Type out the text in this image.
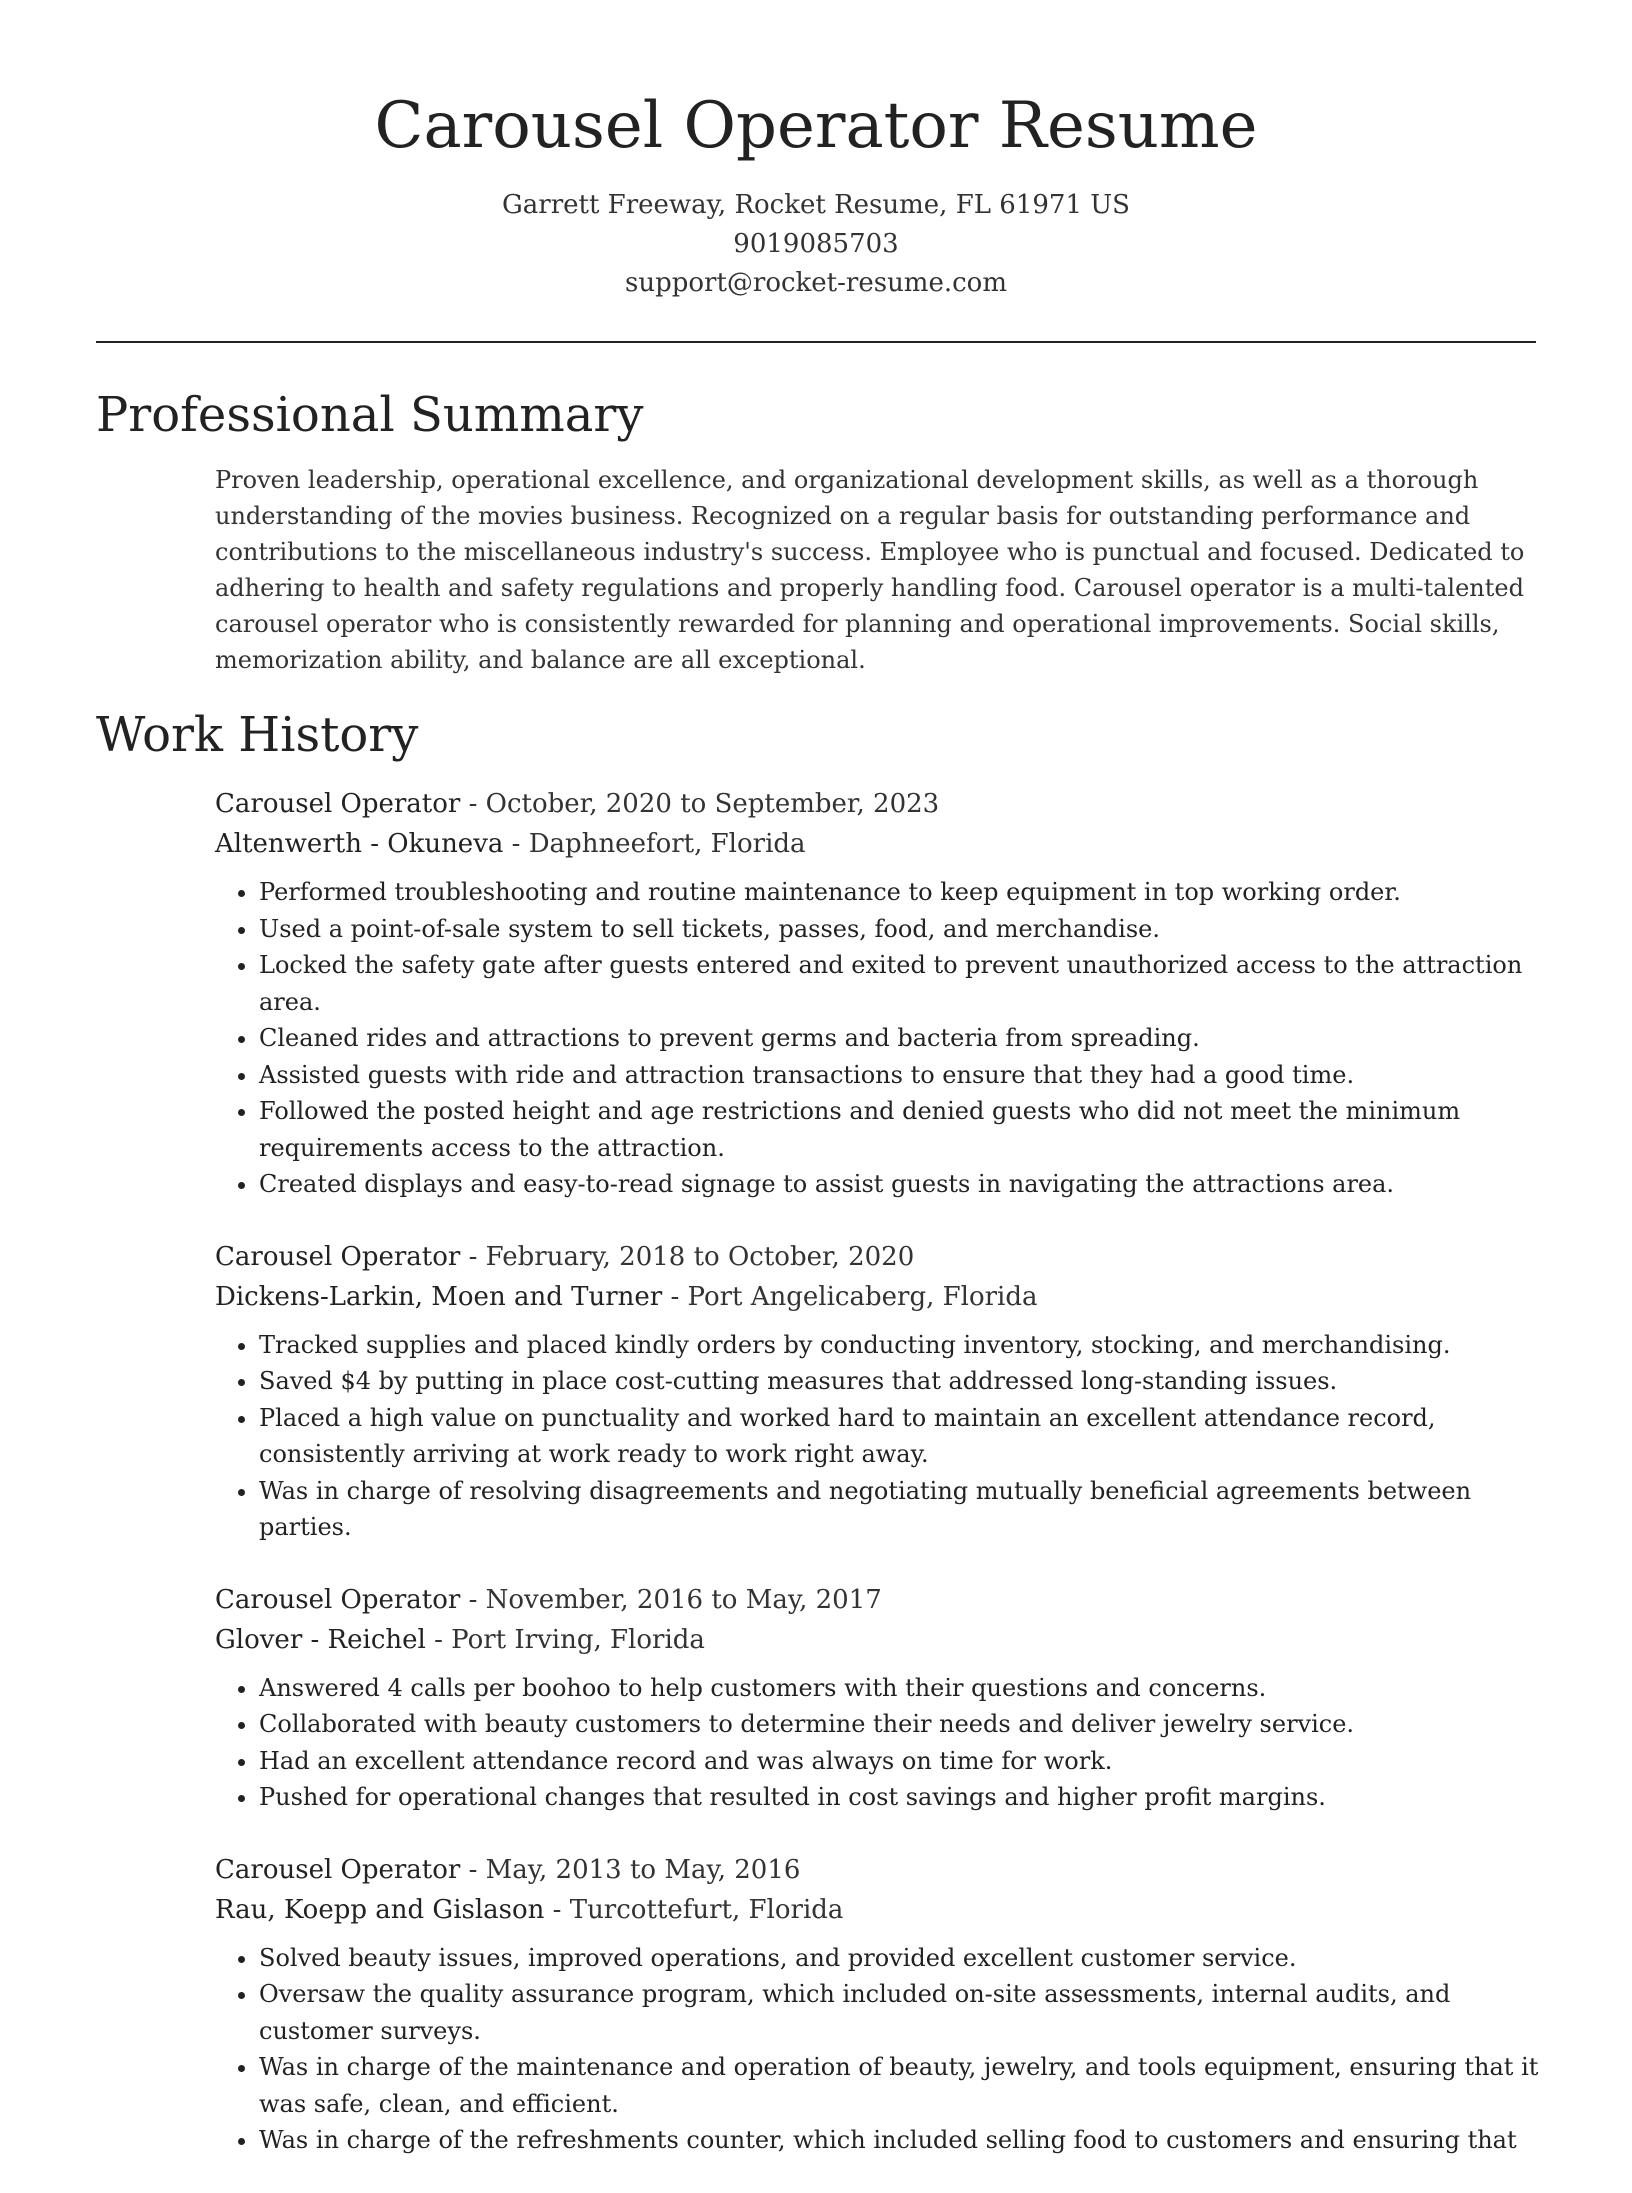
Carousel Operator Resume
Garrett Freeway, Rocket Resume, FL 61971 US
9019085703
support@rocket-resume.com
Professional Summary

Proven leadership, operational excellence, and organizational development skills, as well as a thorough understanding of the movies business. Recognized on a regular basis for outstanding performance and contributions to the miscellaneous industry's success. Employee who is punctual and focused. Dedicated to adhering to health and safety regulations and properly handling food. Carousel operator is a multi-talented carousel operator who is consistently rewarded for planning and operational improvements. Social skills, memorization ability, and balance are all exceptional.

Work History
Carousel Operator - October, 2020 to September, 2023
Altenwerth - Okuneva - Daphneefort, Florida
• Performed troubleshooting and routine maintenance to keep equipment in top working order.
• Used a point-of-sale system to sell tickets, passes, food, and merchandise.
• Locked the safety gate after guests entered and exited to prevent unauthorized access to the attraction area.
• Cleaned rides and attractions to prevent germs and bacteria from spreading.
• Assisted guests with ride and attraction transactions to ensure that they had a good time.
• Followed the posted height and age restrictions and denied guests who did not meet the minimum requirements access to the attraction.
• Created displays and easy-to-read signage to assist guests in navigating the attractions area.
Carousel Operator - February, 2018 to October, 2020
Dickens-Larkin, Moen and Turner - Port Angelicaberg, Florida
• Tracked supplies and placed kindly orders by conducting inventory, stocking, and merchandising.
• Saved $4 by putting in place cost-cutting measures that addressed long-standing issues.
• Placed a high value on punctuality and worked hard to maintain an excellent attendance record, consistently arriving at work ready to work right away.
• Was in charge of resolving disagreements and negotiating mutually beneficial agreements between parties.
Carousel Operator - November, 2016 to May, 2017
Glover - Reichel - Port Irving, Florida
• Answered 4 calls per boohoo to help customers with their questions and concerns.
• Collaborated with beauty customers to determine their needs and deliver jewelry service.
• Had an excellent attendance record and was always on time for work.
• Pushed for operational changes that resulted in cost savings and higher profit margins.
Carousel Operator - May, 2013 to May, 2016
Rau, Koepp and Gislason - Turcottefurt, Florida
• Solved beauty issues, improved operations, and provided excellent customer service.
• Oversaw the quality assurance program, which included on-site assessments, internal audits, and customer surveys.
• Was in charge of the maintenance and operation of beauty, jewelry, and tools equipment, ensuring that it was safe, clean, and efficient.
• Was in charge of the refreshments counter, which included selling food to customers and ensuring that
